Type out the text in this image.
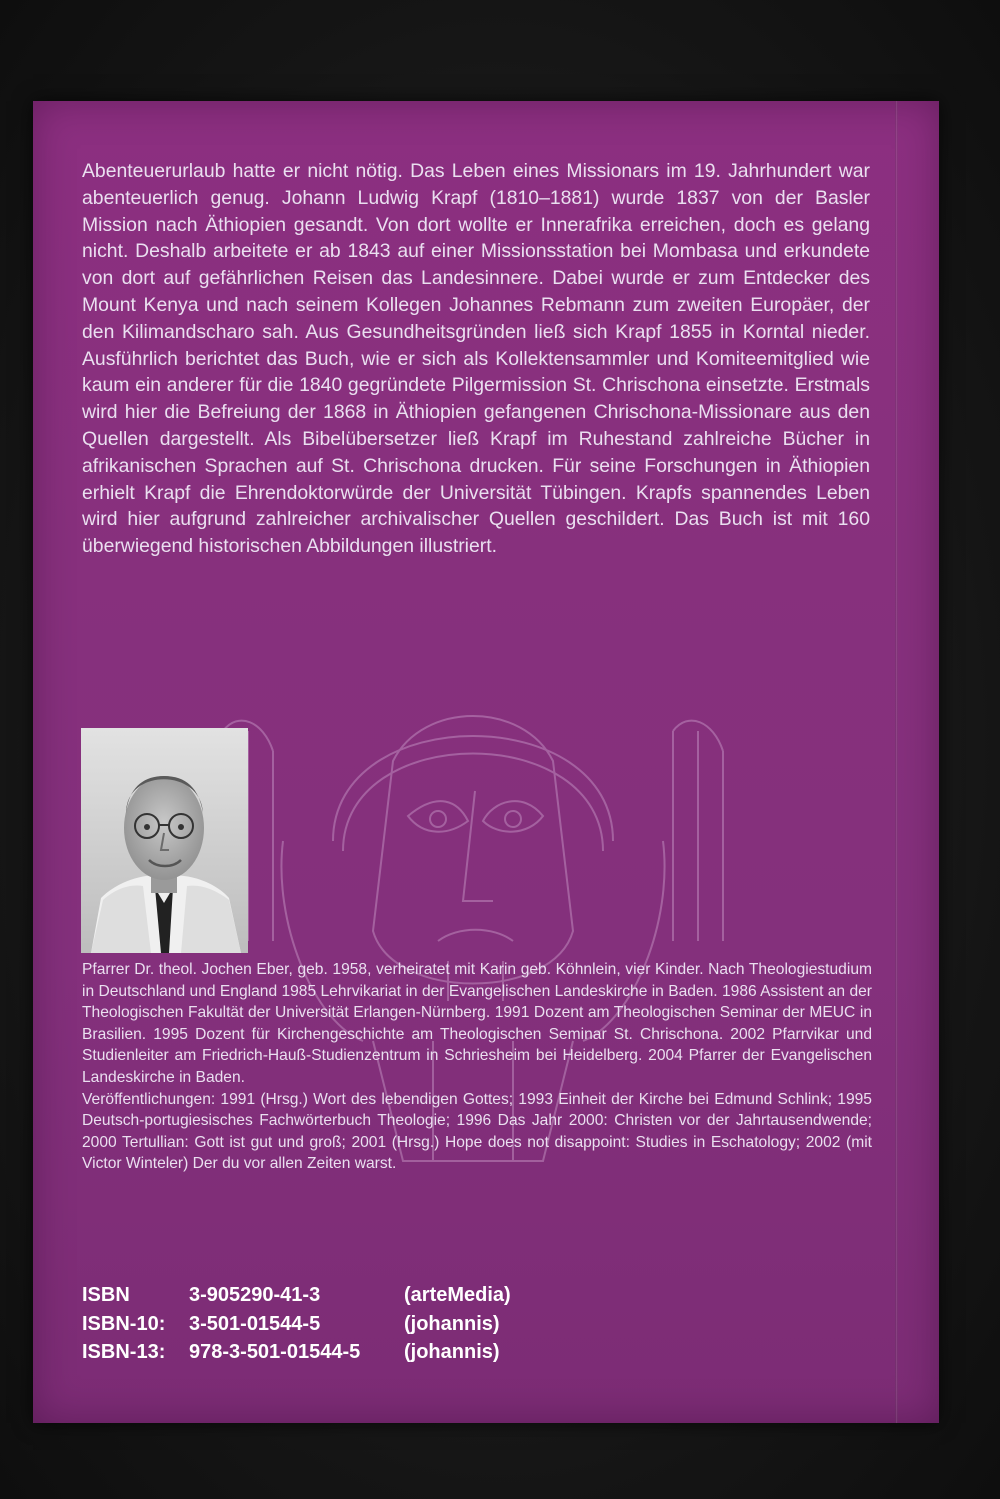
Abenteuerurlaub hatte er nicht nötig. Das Leben eines Missionars im 19. Jahrhundert war abenteuerlich genug. Johann Ludwig Krapf (1810–1881) wurde 1837 von der Basler Mission nach Äthiopien gesandt. Von dort wollte er Innerafrika erreichen, doch es gelang nicht. Deshalb arbeitete er ab 1843 auf einer Missionsstation bei Mombasa und erkundete von dort auf gefährlichen Reisen das Landesinnere. Dabei wurde er zum Entdecker des Mount Kenya und nach seinem Kollegen Johannes Rebmann zum zweiten Europäer, der den Kilimandscharo sah. Aus Gesundheitsgründen ließ sich Krapf 1855 in Korntal nieder. Ausführlich berichtet das Buch, wie er sich als Kollektensammler und Komiteemitglied wie kaum ein anderer für die 1840 gegründete Pilgermission St. Chrischona einsetzte. Erstmals wird hier die Befreiung der 1868 in Äthiopien gefangenen Chrischona-Missionare aus den Quellen dargestellt. Als Bibelübersetzer ließ Krapf im Ruhestand zahlreiche Bücher in afrikanischen Sprachen auf St. Chrischona drucken. Für seine Forschungen in Äthiopien erhielt Krapf die Ehrendoktorwürde der Universität Tübingen. Krapfs spannendes Leben wird hier aufgrund zahlreicher archivalischer Quellen geschildert. Das Buch ist mit 160 überwiegend historischen Abbildungen illustriert.

Pfarrer Dr. theol. Jochen Eber, geb. 1958, verheiratet mit Karin geb. Köhnlein, vier Kinder. Nach Theologiestudium in Deutschland und England 1985 Lehrvikariat in der Evangelischen Landeskirche in Baden. 1986 Assistent an der Theologischen Fakultät der Universität Erlangen-Nürnberg. 1991 Dozent am Theologischen Seminar der MEUC in Brasilien. 1995 Dozent für Kirchengeschichte am Theologischen Seminar St. Chrischona. 2002 Pfarrvikar und Studienleiter am Friedrich-Hauß-Studienzentrum in Schriesheim bei Heidelberg. 2004 Pfarrer der Evangelischen Landeskirche in Baden.
Veröffentlichungen: 1991 (Hrsg.) Wort des lebendigen Gottes; 1993 Einheit der Kirche bei Edmund Schlink; 1995 Deutsch-portugiesisches Fachwörterbuch Theologie; 1996 Das Jahr 2000: Christen vor der Jahrtausendwende; 2000 Tertullian: Gott ist gut und groß; 2001 (Hrsg.) Hope does not disappoint: Studies in Eschatology; 2002 (mit Victor Winteler) Der du vor allen Zeiten warst.

ISBN	3-905290-41-3	(arteMedia)
ISBN-10:	3-501-01544-5	(johannis)
ISBN-13:	978-3-501-01544-5	(johannis)
